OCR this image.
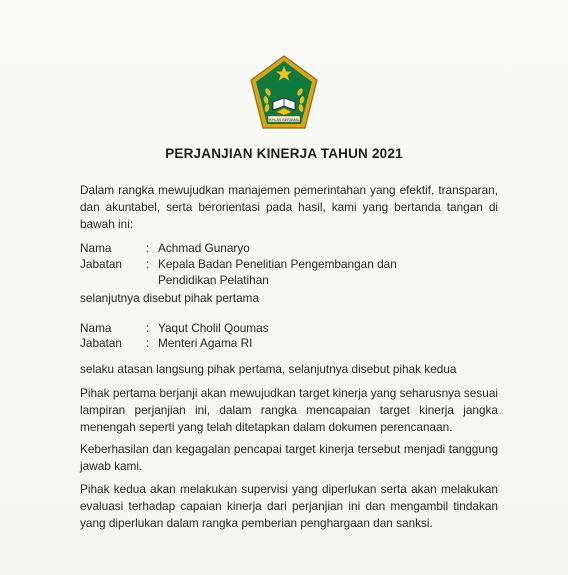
IKHLAS BERAMAL
PERJANJIAN KINERJA TAHUN 2021
Dalam rangka mewujudkan manajemen pemerintahan yang efektif, transparan, dan akuntabel, serta berorientasi pada hasil, kami yang bertanda tangan di bawah ini:
Nama	: Achmad Gunaryo
Jabatan : Kepala Badan Penelitian Pengembangan dan Pendidikan Pelatihan
selanjutnya disebut pihak pertama
Nama	: Yaqut Cholil Qoumas
Jabatan : Menteri Agama RI
selaku atasan langsung pihak pertama, selanjutnya disebut pihak kedua
Pihak pertama berjanji akan mewujudkan target kinerja yang seharusnya sesuai lampiran perjanjian ini, dalam rangka mencapaian target kinerja jangka menengah seperti yang telah ditetapkan dalam dokumen perencanaan.
Keberhasilan dan kegagalan pencapai target kinerja tersebut menjadi tanggung jawab kami.
Pihak kedua akan melakukan supervisi yang diperlukan serta akan melakukan evaluasi terhadap capaian kinerja dari perjanjian ini dan mengambil tindakan yang diperlukan dalam rangka pemberian penghargaan dan sanksi.
